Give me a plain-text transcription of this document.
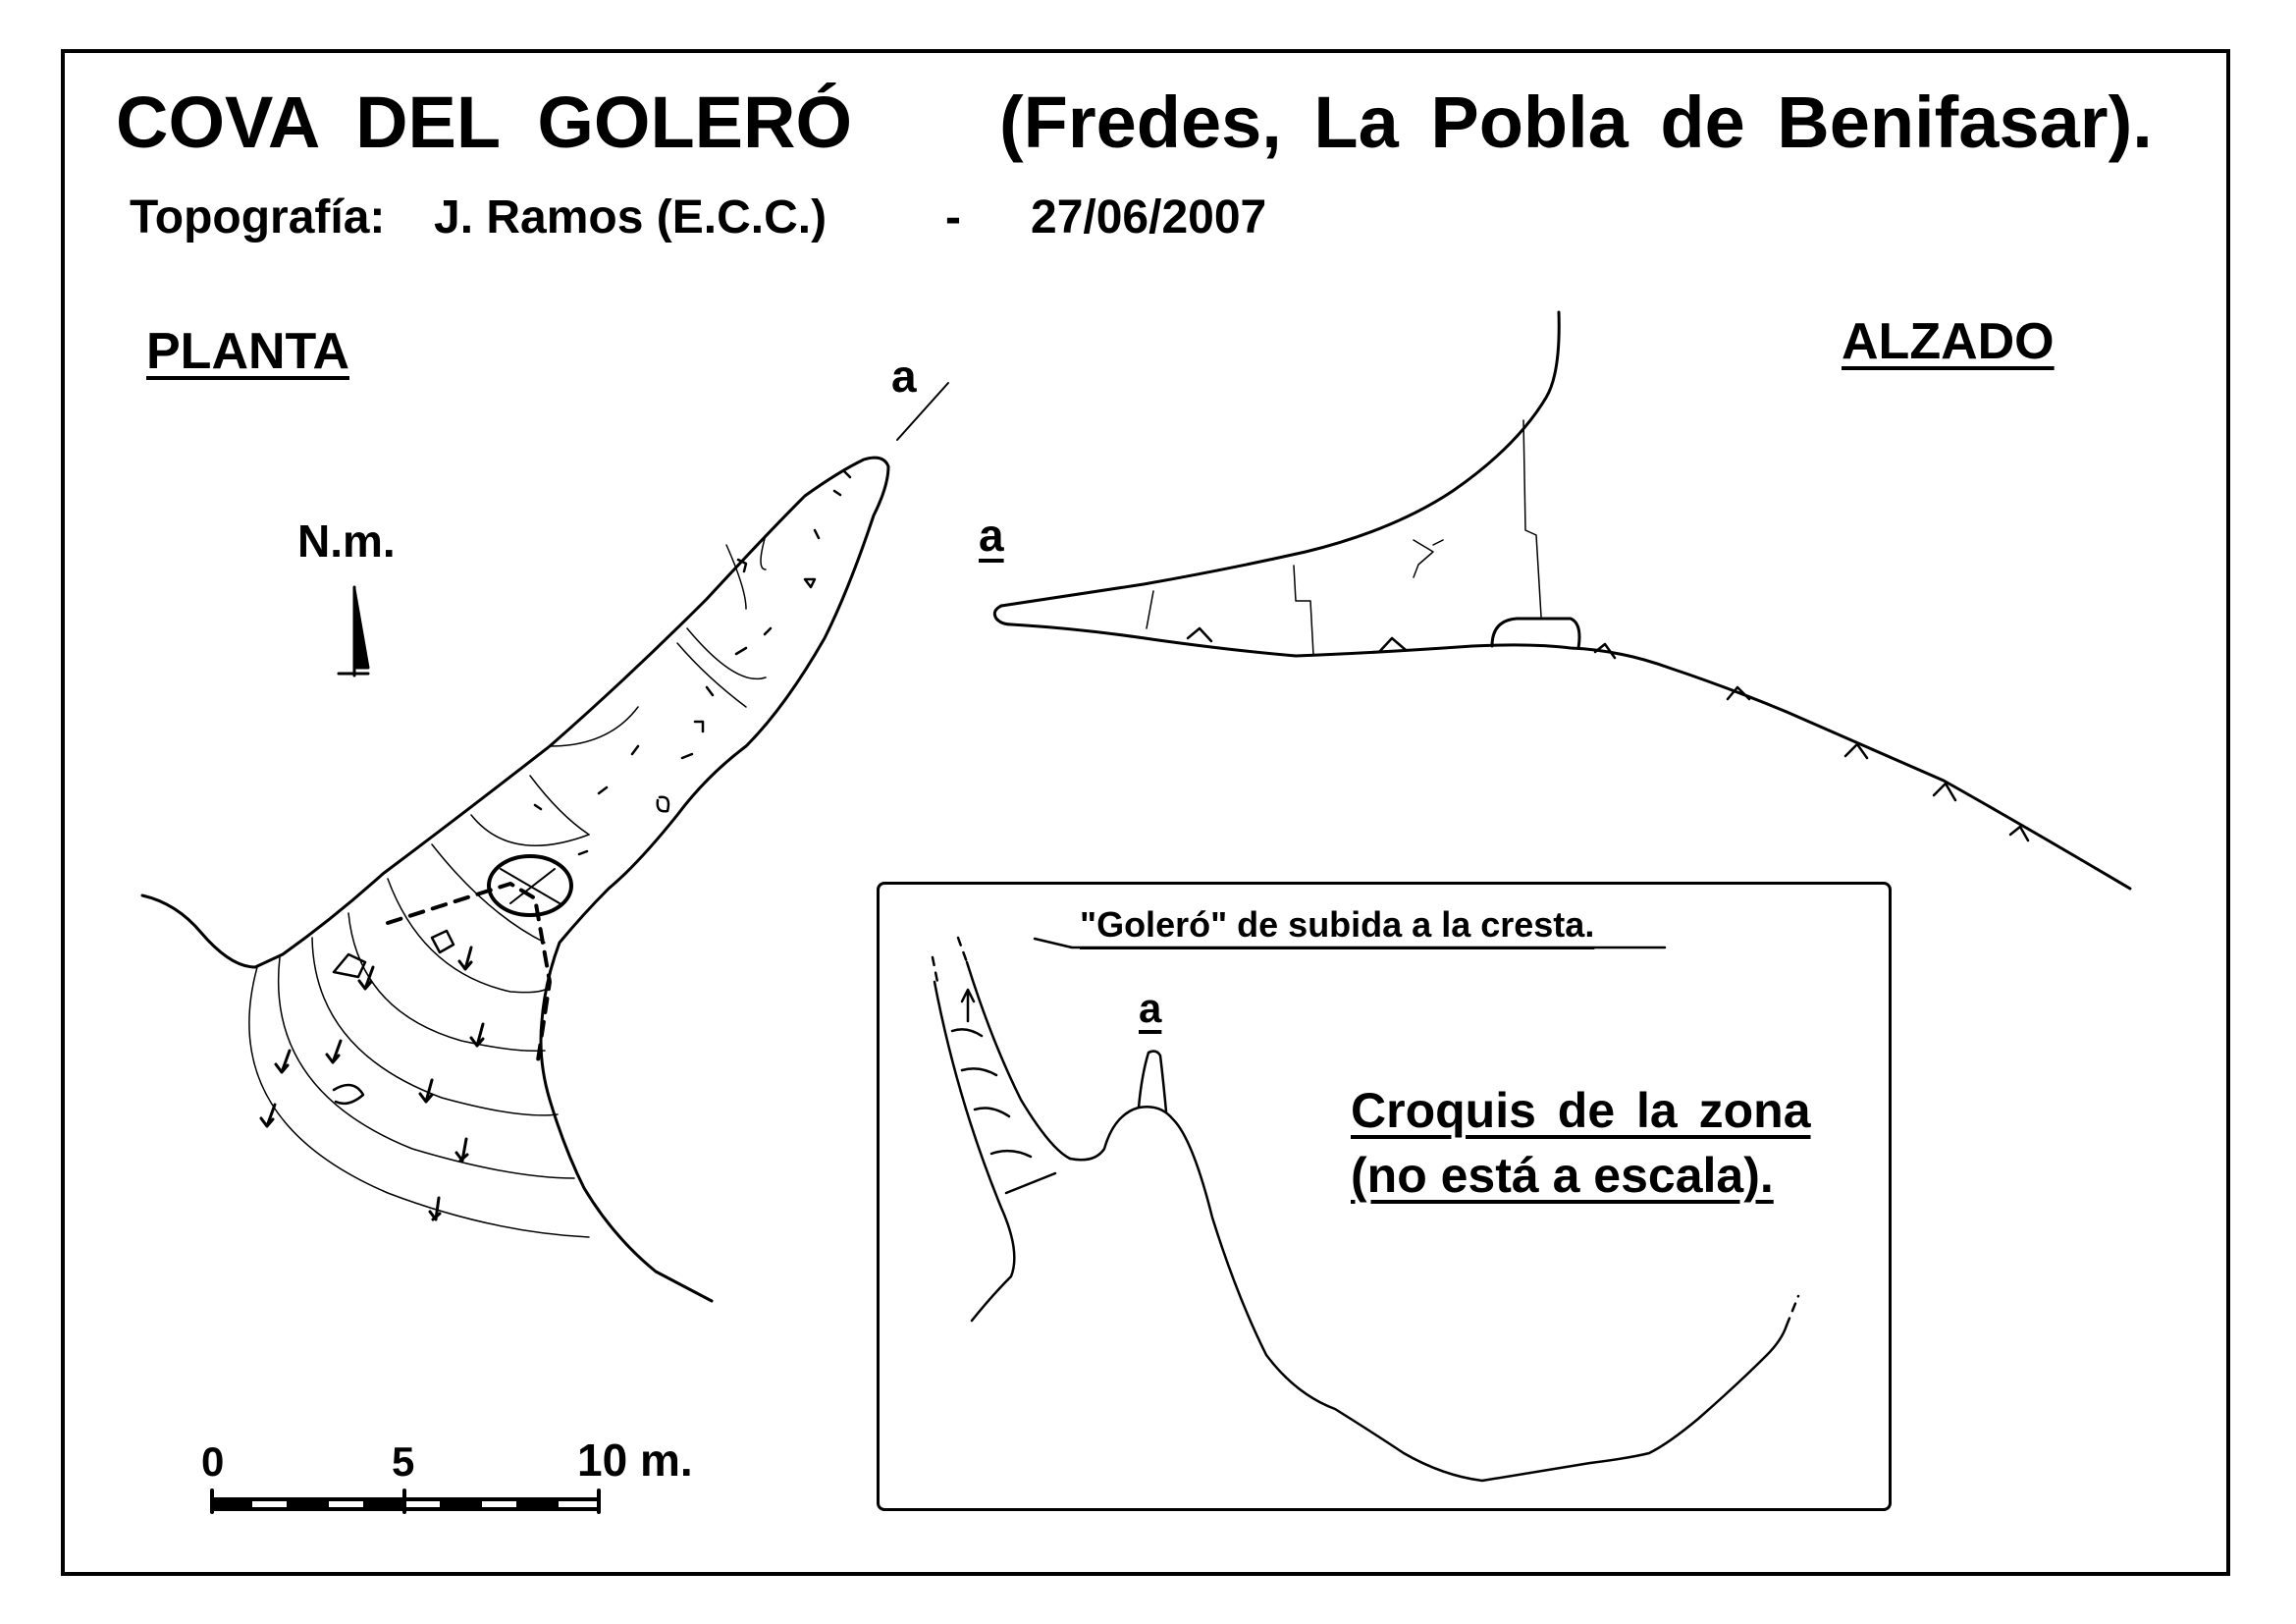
COVA DEL GOLERÓ (Fredes, La Pobla de Benifasar).
Topografía: J. Ramos (E.C.C.)	- 27/06/2007
PLANTA	a
N.m.
ALZADO
a
0	5	10 m.
"Goleró" de subida a la cresta.
a
Croquis de la zona
(no está a escala).
